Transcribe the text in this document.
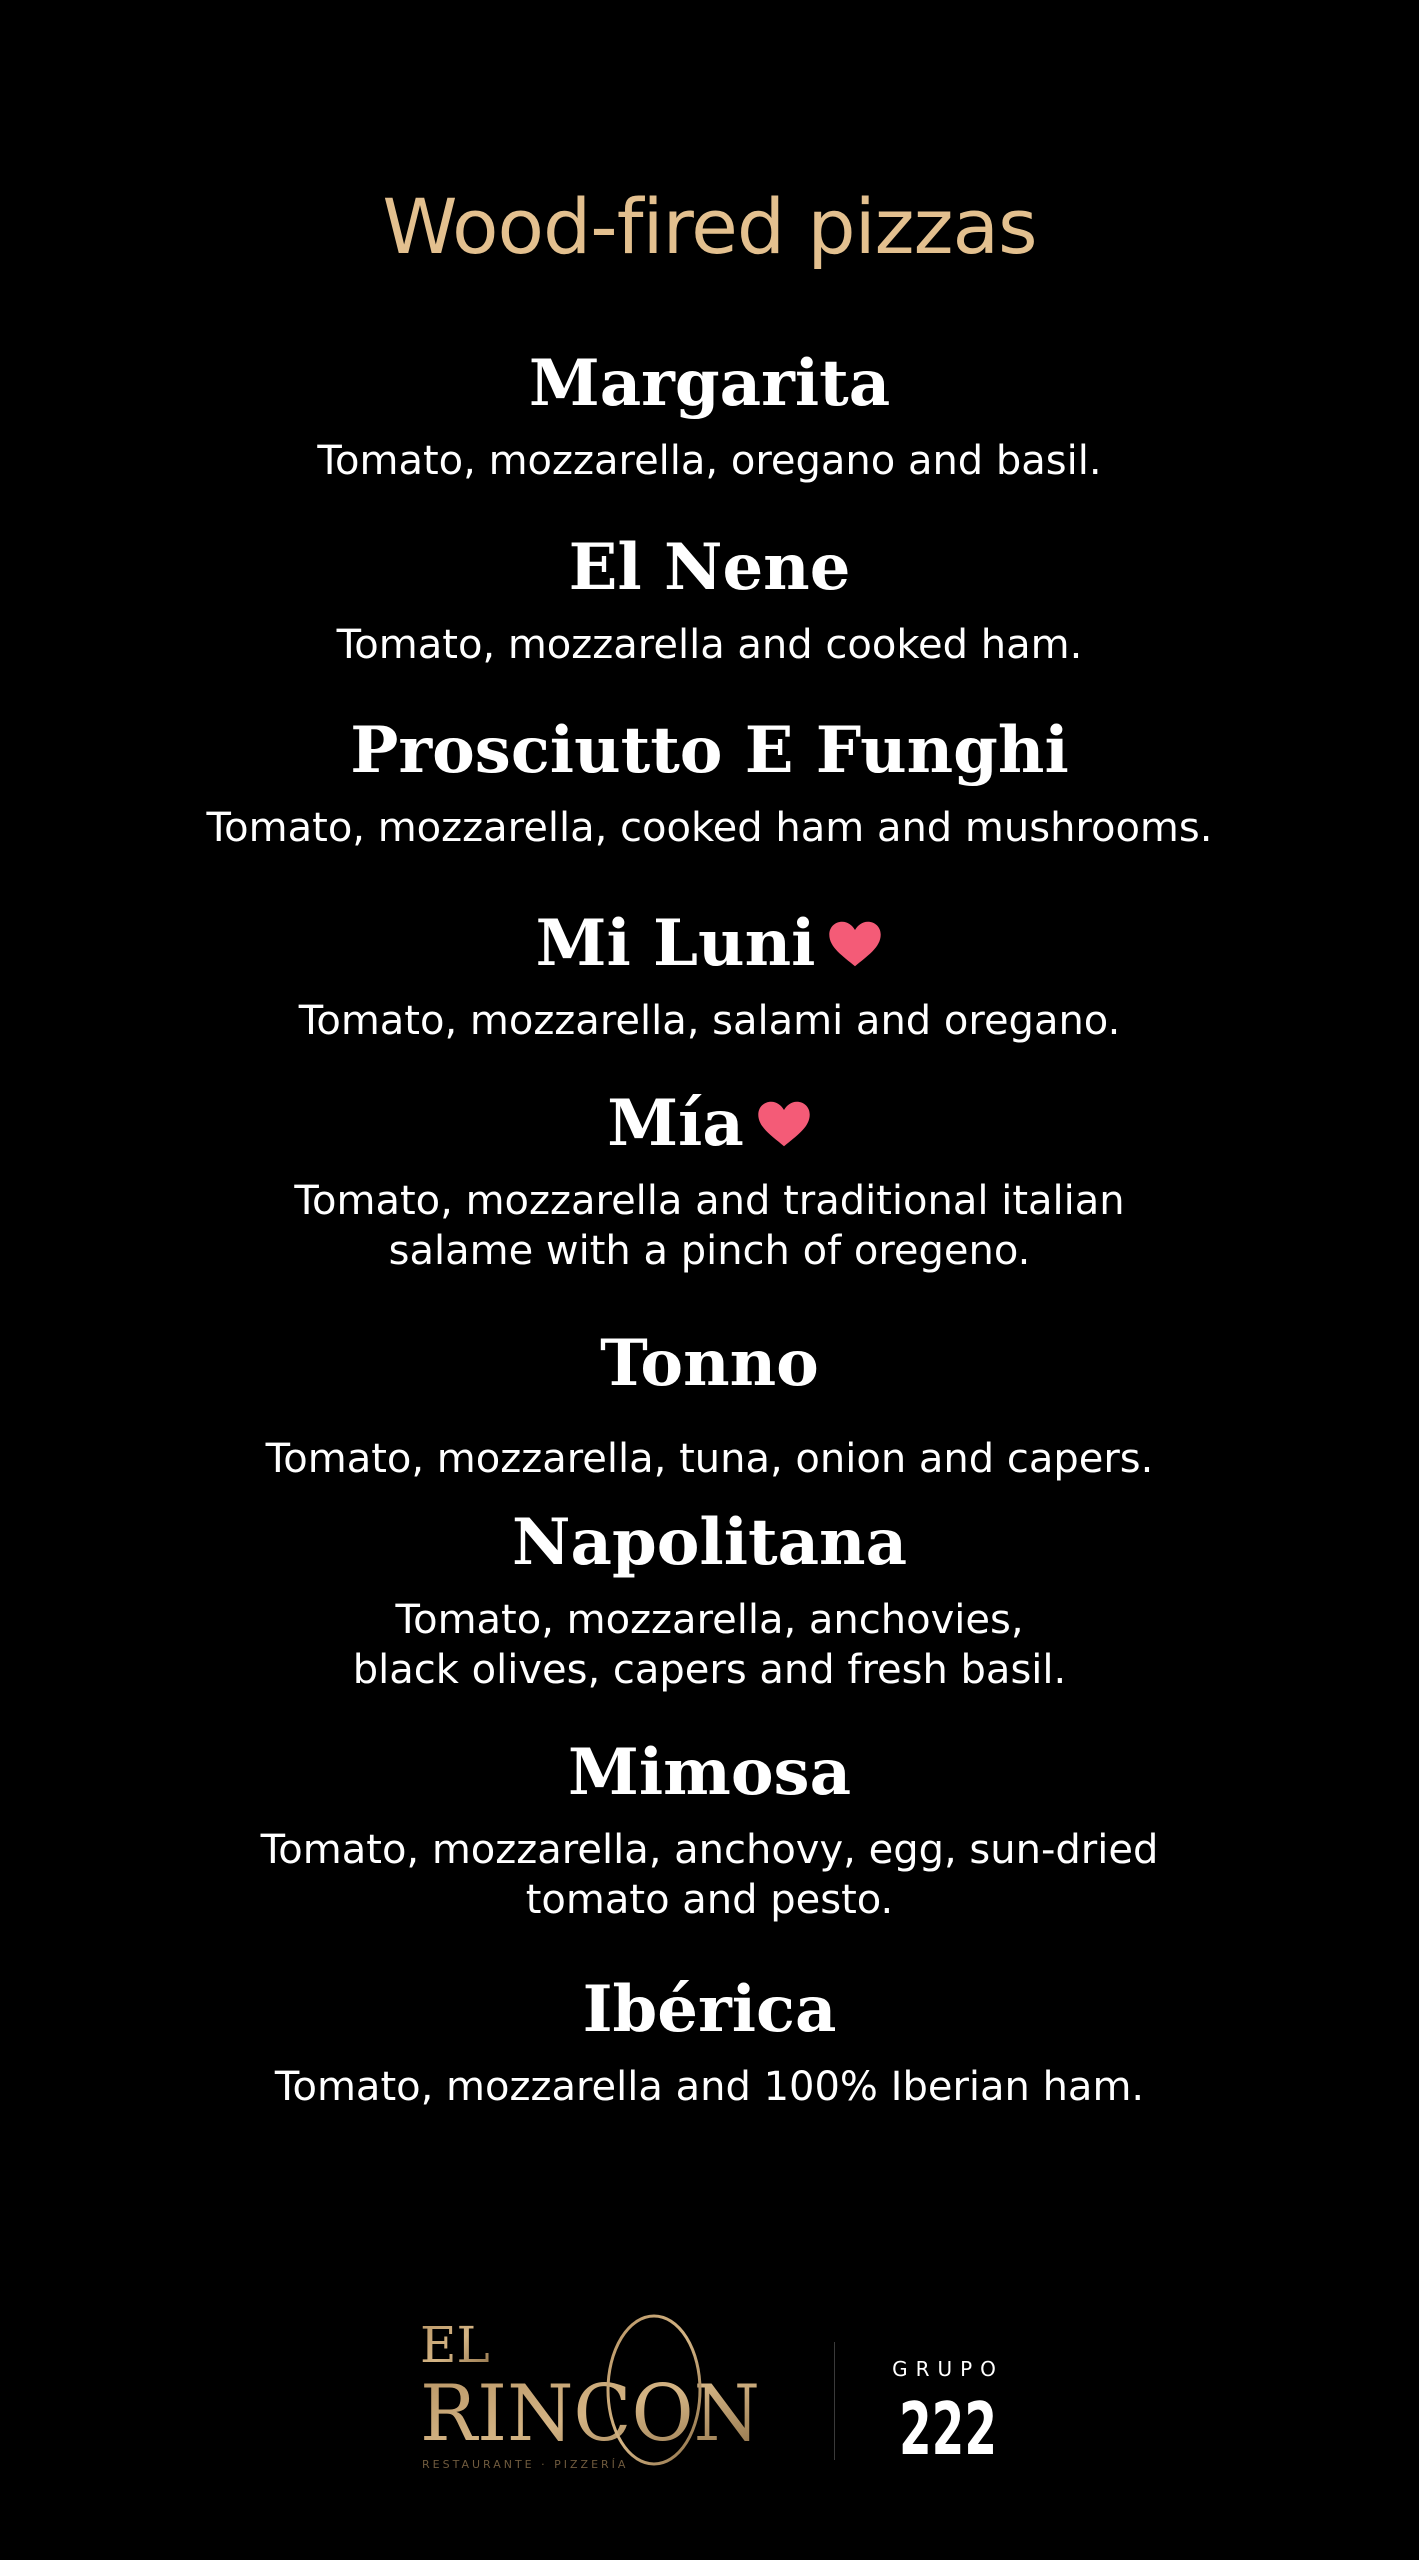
Wood-fired pizzas
Margarita
Tomato, mozzarella, oregano and basil.
El Nene
Tomato, mozzarella and cooked ham.
Prosciutto E Funghi
Tomato, mozzarella, cooked ham and mushrooms.
Mi Luni
Tomato, mozzarella, salami and oregano.
Mía
Tomato, mozzarella and traditional italian
salame with a pinch of oregeno.
Tonno
Tomato, mozzarella, tuna, onion and capers.
Napolitana
Tomato, mozzarella, anchovies,
black olives, capers and fresh basil.
Mimosa
Tomato, mozzarella, anchovy, egg, sun-dried
tomato and pesto.
Ibérica
Tomato, mozzarella and 100% Iberian ham.
EL
RINCON
RESTAURANTE · PIZZERÍA
GRUPO
222
